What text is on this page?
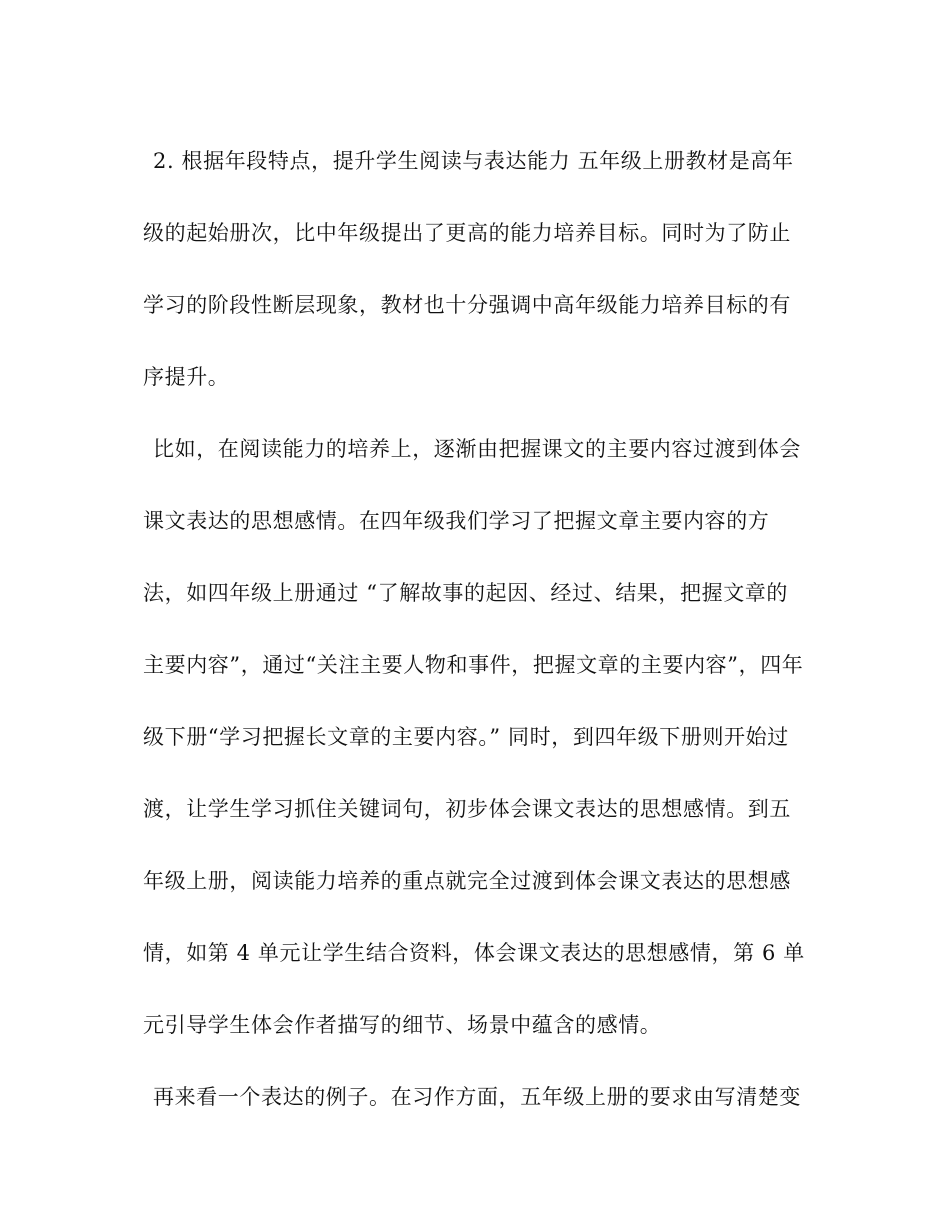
2. 根据年段特点，提升学生阅读与表达能力 五年级上册教材是高年
级的起始册次，比中年级提出了更高的能力培养目标。同时为了防止
学习的阶段性断层现象，教材也十分强调中高年级能力培养目标的有
序提升。
比如，在阅读能力的培养上，逐渐由把握课文的主要内容过渡到体会
课文表达的思想感情。在四年级我们学习了把握文章主要内容的方
法，如四年级上册通过 “了解故事的起因、经过、结果，把握文章的
主要内容”，通过“关注主要人物和事件，把握文章的主要内容”，四年
级下册“学习把握长文章的主要内容。” 同时，到四年级下册则开始过
渡，让学生学习抓住关键词句，初步体会课文表达的思想感情。到五
年级上册，阅读能力培养的重点就完全过渡到体会课文表达的思想感
情，如第 4 单元让学生结合资料，体会课文表达的思想感情，第 6 单
元引导学生体会作者描写的细节、场景中蕴含的感情。
再来看一个表达的例子。在习作方面，五年级上册的要求由写清楚变
